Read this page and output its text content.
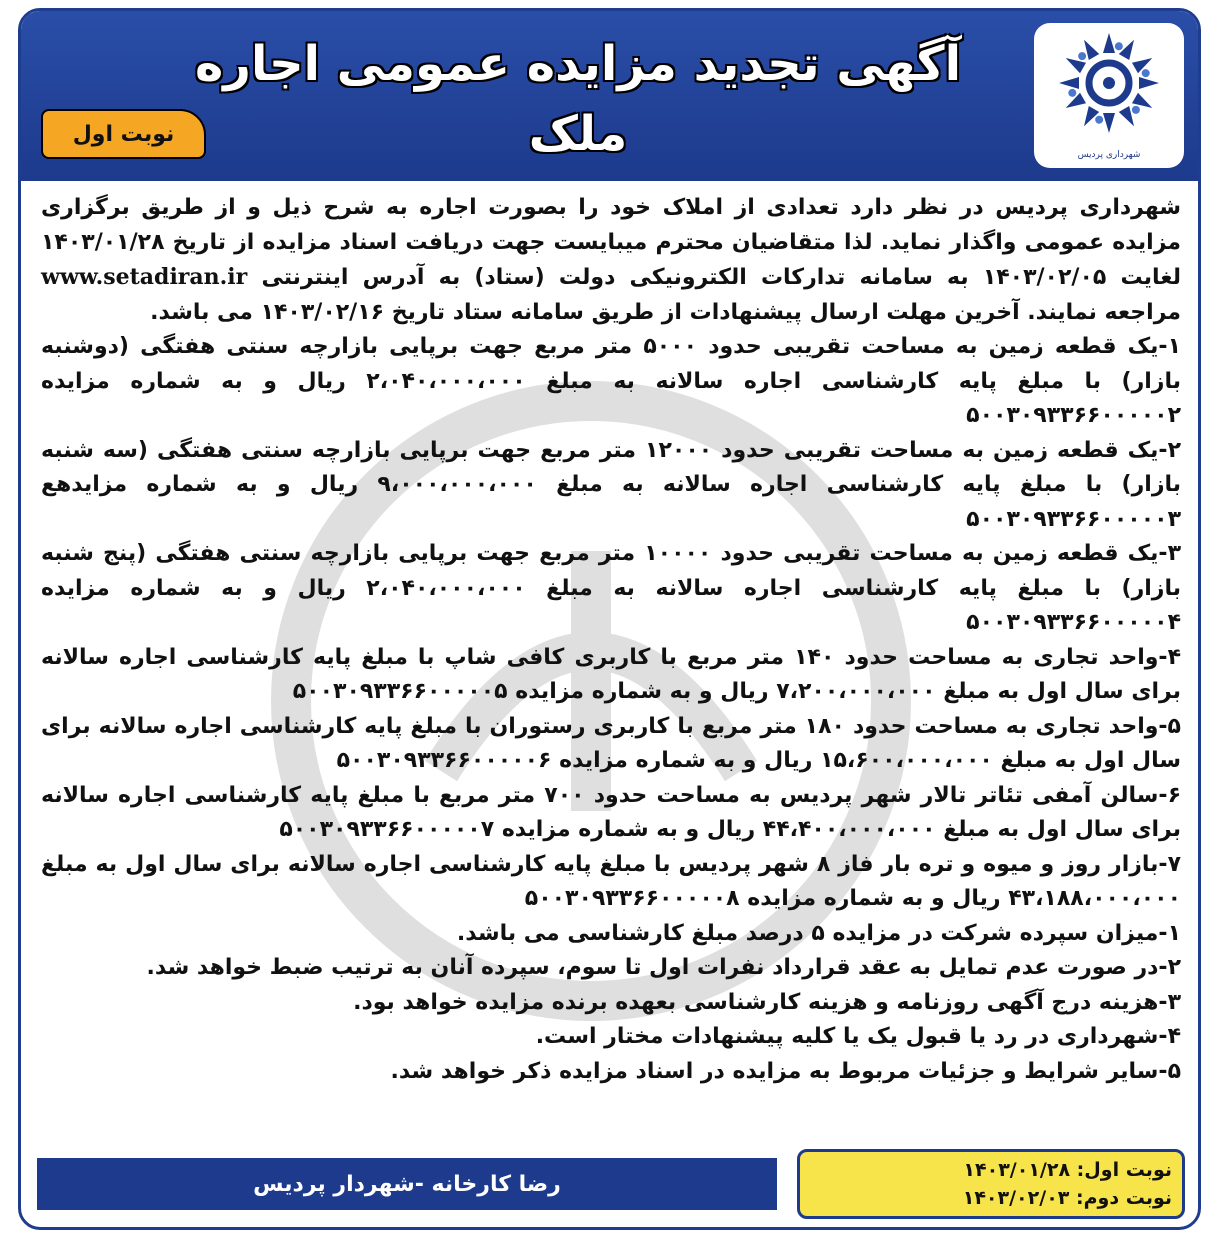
آگهی تجدید مزایده عمومی اجاره ملک
نوبت اول
شهرداری پردیس

شهرداری پردیس در نظر دارد تعدادی از املاک خود را بصورت اجاره به شرح ذیل و از طریق برگزاری مزایده عمومی واگذار نماید. لذا متقاضیان محترم میبایست جهت دریافت اسناد مزایده از تاریخ ۱۴۰۳/۰۱/۲۸ لغایت ۱۴۰۳/۰۲/۰۵ به سامانه تدارکات الکترونیکی دولت (ستاد) به آدرس اینترنتی www.setadiran.ir مراجعه نمایند. آخرین مهلت ارسال پیشنهادات از طریق سامانه ستاد تاریخ ۱۴۰۳/۰۲/۱۶ می باشد.

۱-یک قطعه زمین به مساحت تقریبی حدود ۵۰۰۰ متر مربع جهت برپایی بازارچه سنتی هفتگی (دوشنبه بازار) با مبلغ پایه کارشناسی اجاره سالانه به مبلغ ۲،۰۴۰،۰۰۰،۰۰۰ ریال و به شماره مزایده ۵۰۰۳۰۹۳۳۶۶۰۰۰۰۰۲

۲-یک قطعه زمین به مساحت تقریبی حدود ۱۲۰۰۰ متر مربع جهت برپایی بازارچه سنتی هفتگی (سه شنبه بازار) با مبلغ پایه کارشناسی اجاره سالانه به مبلغ ۹،۰۰۰،۰۰۰،۰۰۰ ریال و به شماره مزایدهع ۵۰۰۳۰۹۳۳۶۶۰۰۰۰۰۳

۳-یک قطعه زمین به مساحت تقریبی حدود ۱۰۰۰۰ متر مربع جهت برپایی بازارچه سنتی هفتگی (پنج شنبه بازار) با مبلغ پایه کارشناسی اجاره سالانه به مبلغ ۲،۰۴۰،۰۰۰،۰۰۰ ریال و به شماره مزایده ۵۰۰۳۰۹۳۳۶۶۰۰۰۰۰۴

۴-واحد تجاری به مساحت حدود ۱۴۰ متر مربع با کاربری کافی شاپ با مبلغ پایه کارشناسی اجاره سالانه برای سال اول به مبلغ ۷،۲۰۰،۰۰۰،۰۰۰ ریال و به شماره مزایده ۵۰۰۳۰۹۳۳۶۶۰۰۰۰۰۵

۵-واحد تجاری به مساحت حدود ۱۸۰ متر مربع با کاربری رستوران با مبلغ پایه کارشناسی اجاره سالانه برای سال اول به مبلغ ۱۵،۶۰۰،۰۰۰،۰۰۰ ریال و به شماره مزایده ۵۰۰۳۰۹۳۳۶۶۰۰۰۰۰۶

۶-سالن آمفی تئاتر تالار شهر پردیس به مساحت حدود ۷۰۰ متر مربع با مبلغ پایه کارشناسی اجاره سالانه برای سال اول به مبلغ ۴۴،۴۰۰،۰۰۰،۰۰۰ ریال و به شماره مزایده ۵۰۰۳۰۹۳۳۶۶۰۰۰۰۰۷

۷-بازار روز و میوه و تره بار فاز ۸ شهر پردیس با مبلغ پایه کارشناسی اجاره سالانه برای سال اول به مبلغ ۴۳،۱۸۸،۰۰۰،۰۰۰ ریال و به شماره مزایده ۵۰۰۳۰۹۳۳۶۶۰۰۰۰۰۸

۱-میزان سپرده شرکت در مزایده ۵ درصد مبلغ کارشناسی می باشد.

۲-در صورت عدم تمایل به عقد قرارداد نفرات اول تا سوم، سپرده آنان به ترتیب ضبط خواهد شد.

۳-هزینه درج آگهی روزنامه و هزینه کارشناسی بعهده برنده مزایده خواهد بود.

۴-شهرداری در رد یا قبول یک یا کلیه پیشنهادات مختار است.

۵-سایر شرایط و جزئیات مربوط به مزایده در اسناد مزایده ذکر خواهد شد.

رضا کارخانه -شهردار پردیس
نوبت اول: ۱۴۰۳/۰۱/۲۸
نوبت دوم: ۱۴۰۳/۰۲/۰۳
